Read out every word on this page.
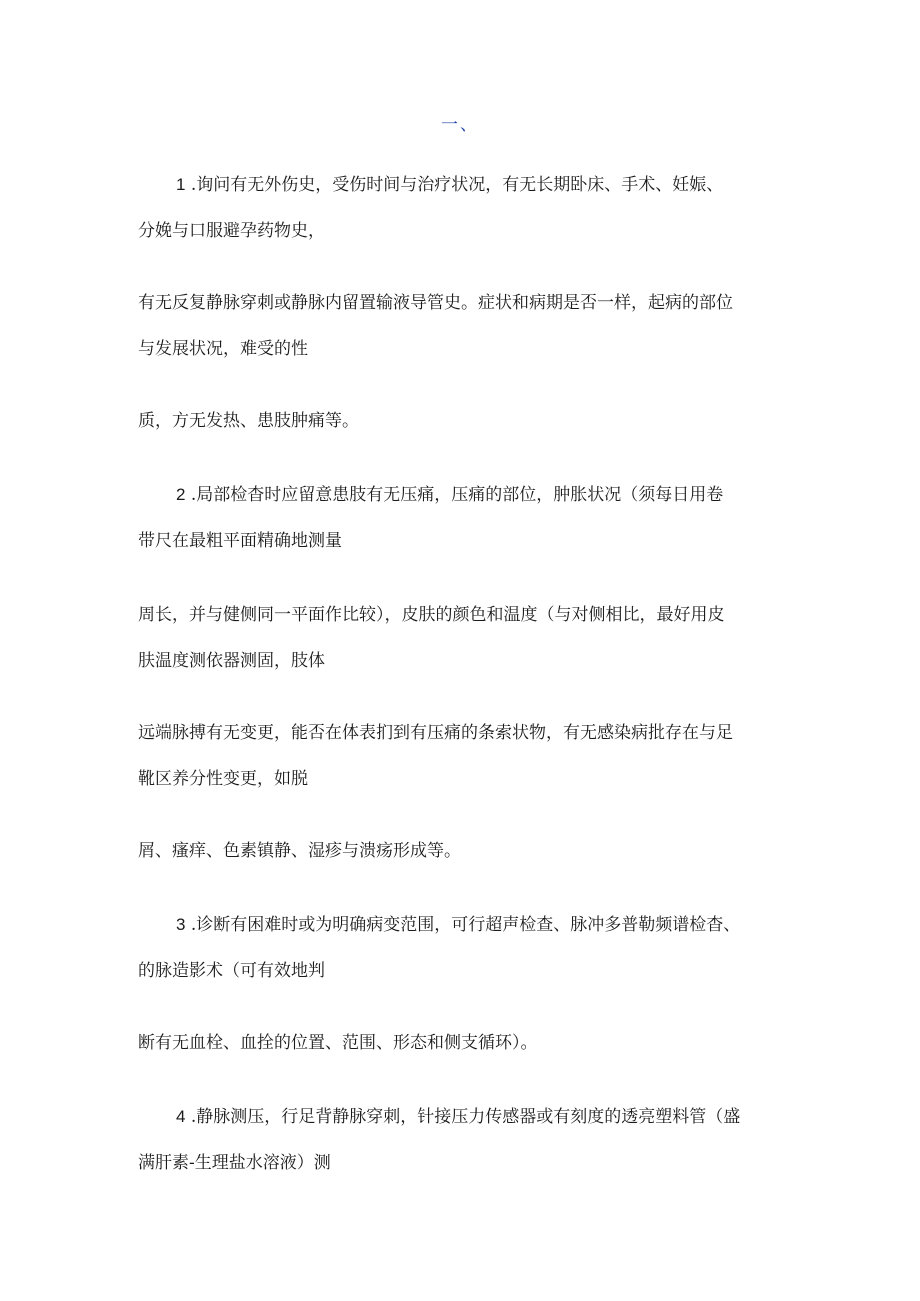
一、
1 .询问有无外伤史，受伤时间与治疗状况，有无长期卧床、手术、妊娠、
分娩与口服避孕药物史，
有无反复静脉穿刺或静脉内留置输液导管史。症状和病期是否一样，起病的部位
与发展状况，难受的性
质，方无发热、患肢肿痛等。
2 .局部检杳时应留意患肢有无压痛，压痛的部位，肿胀状况（须每日用卷
带尺在最粗平面精确地测量
周长，并与健侧同一平面作比较），皮肤的颜色和温度（与对侧相比，最好用皮
肤温度测依器测固，肢体
远端脉搏有无变更，能否在体表扪到有压痛的条索状物，有无感染病批存在与足
靴区养分性变更，如脱
屑、瘙痒、色素镇静、湿疹与溃疡形成等。
3 .诊断有困难时或为明确病变范围，可行超声检查、脉冲多普勒频谱检杳、
的脉造影术（可有效地判
断有无血栓、血拴的位置、范围、形态和侧支循环）。
4 .静脉测压，行足背静脉穿刺，针接压力传感器或有刻度的透亮塑料管（盛
满肝素-生理盐水溶液）测
